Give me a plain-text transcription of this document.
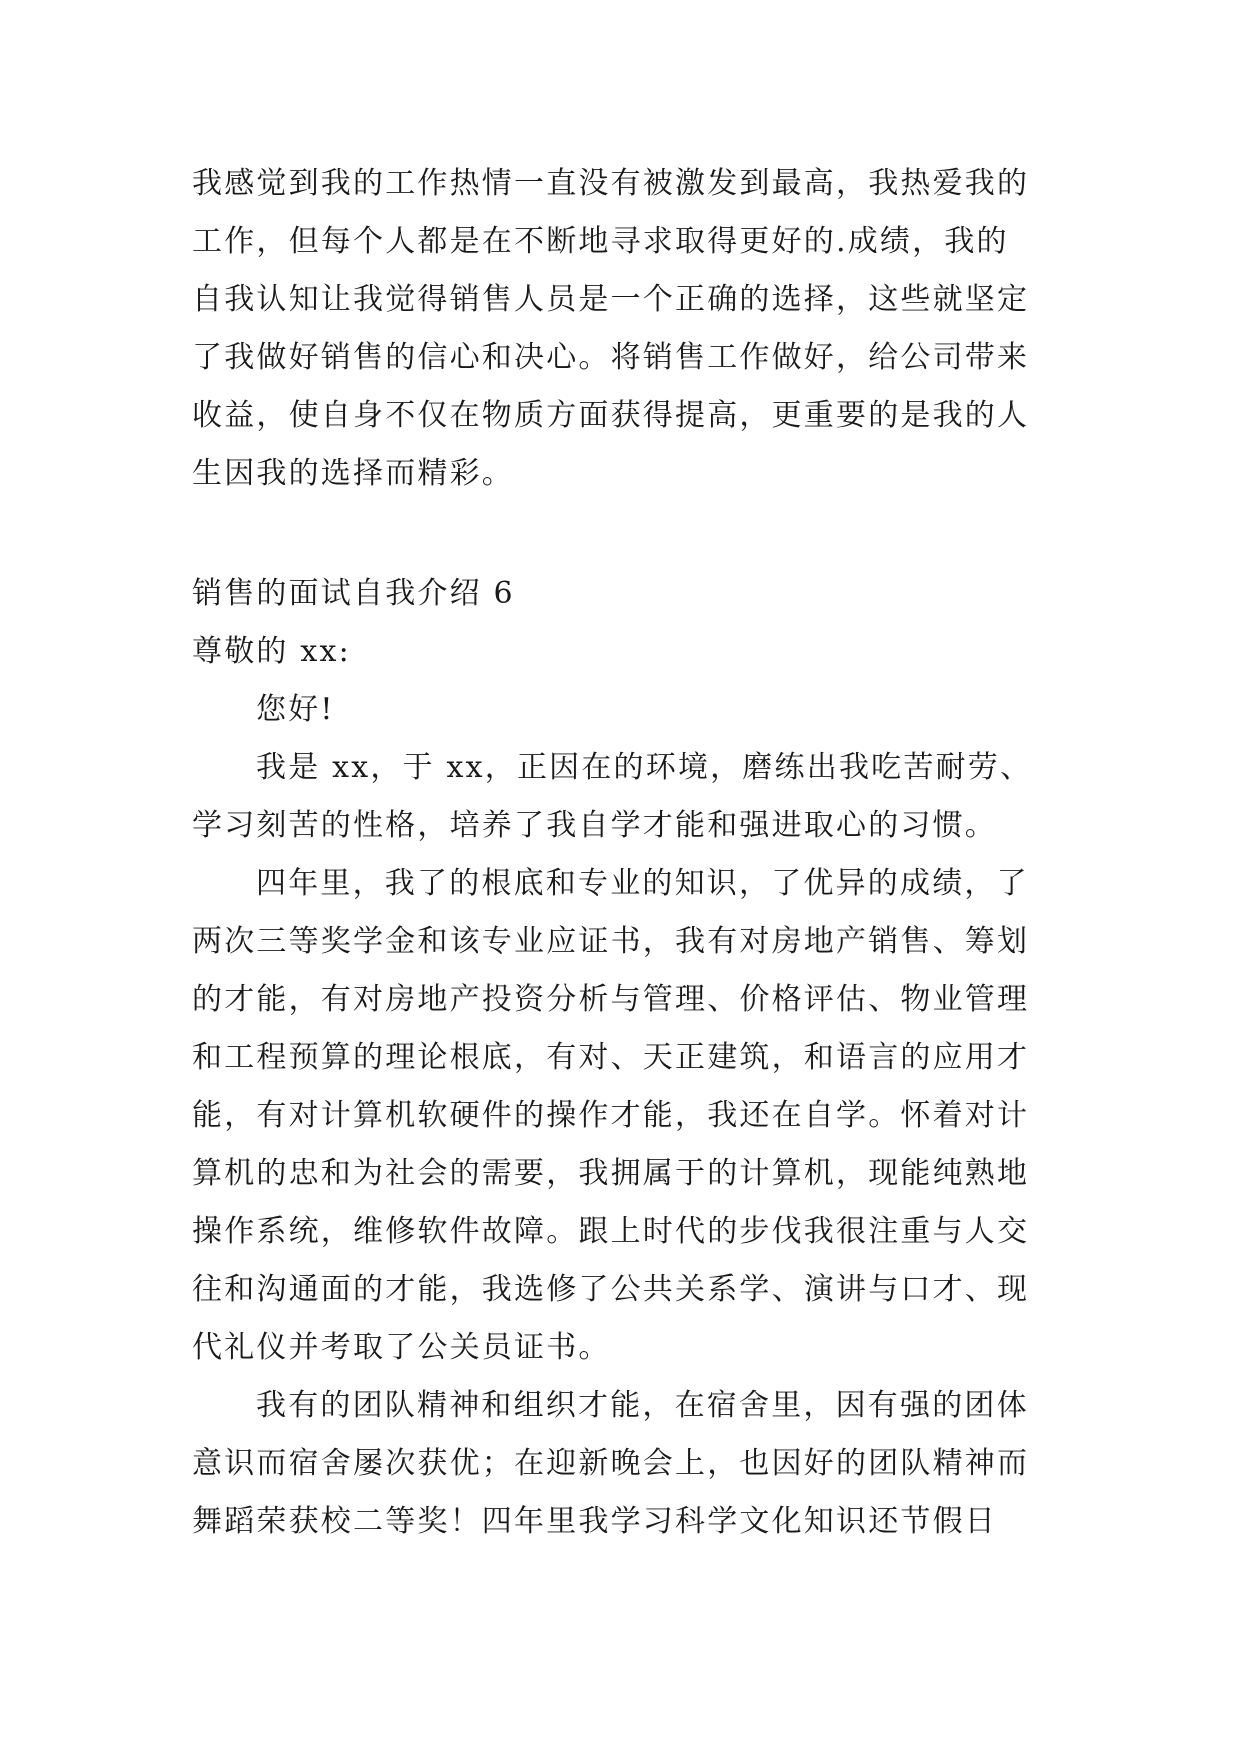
我感觉到我的工作热情一直没有被激发到最高，我热爱我的
工作，但每个人都是在不断地寻求取得更好的.成绩，我的
自我认知让我觉得销售人员是一个正确的选择，这些就坚定
了我做好销售的信心和决心。将销售工作做好，给公司带来
收益，使自身不仅在物质方面获得提高，更重要的是我的人
生因我的选择而精彩。
销售的面试自我介绍 6
尊敬的 xx:
您好!
我是 xx，于 xx，正因在的环境，磨练出我吃苦耐劳、
学习刻苦的性格，培养了我自学才能和强进取心的习惯。
四年里，我了的根底和专业的知识，了优异的成绩，了
两次三等奖学金和该专业应证书，我有对房地产销售、筹划
的才能，有对房地产投资分析与管理、价格评估、物业管理
和工程预算的理论根底，有对、天正建筑，和语言的应用才
能，有对计算机软硬件的操作才能，我还在自学。怀着对计
算机的忠和为社会的需要，我拥属于的计算机，现能纯熟地
操作系统，维修软件故障。跟上时代的步伐我很注重与人交
往和沟通面的才能，我选修了公共关系学、演讲与口才、现
代礼仪并考取了公关员证书。
我有的团队精神和组织才能，在宿舍里，因有强的团体
意识而宿舍屡次获优；在迎新晚会上，也因好的团队精神而
舞蹈荣获校二等奖！四年里我学习科学文化知识还节假日
